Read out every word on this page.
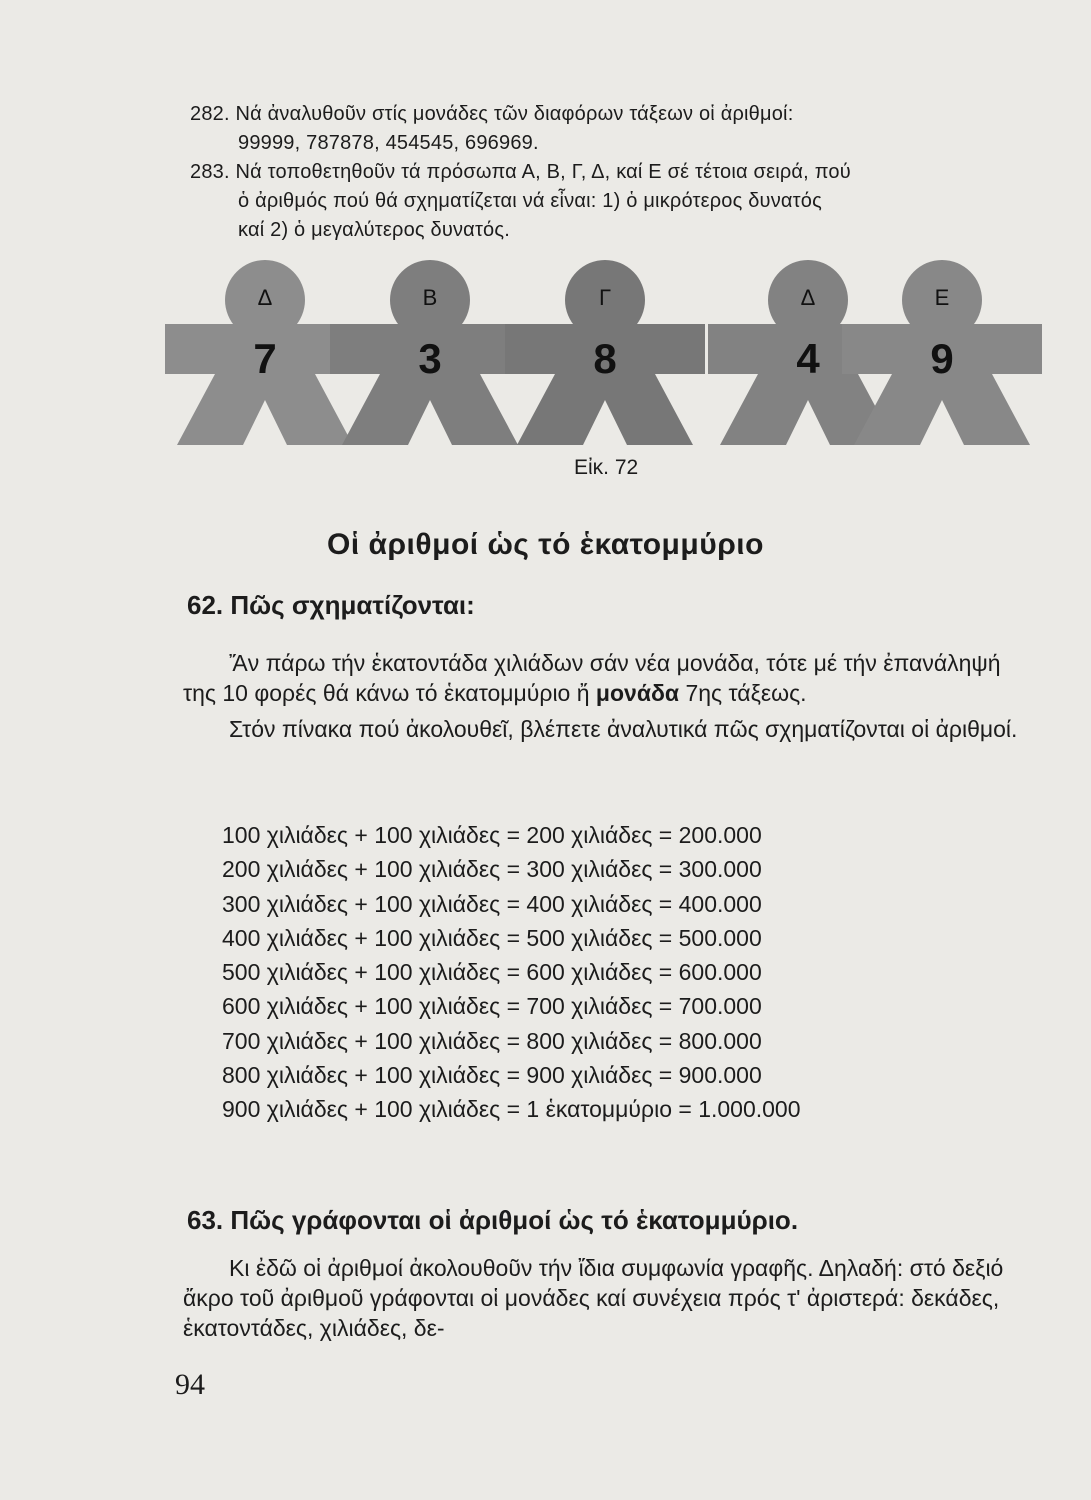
282. Νά ἀναλυθοῦν στίς μονάδες τῶν διαφόρων τάξεων οἱ ἀριθμοί:
99999, 787878, 454545, 696969.
283. Νά τοποθετηθοῦν τά πρόσωπα Α, Β, Γ, Δ, καί Ε σέ τέτοια σειρά, πού
ὁ ἀριθμός πού θά σχηματίζεται νά εἶναι: 1) ὁ μικρότερος δυνατός
καί 2) ὁ μεγαλύτερος δυνατός.
Δ
7
Β
3
Γ
8
Δ
4
Ε
9
Εἰκ. 72
Οἱ ἀριθμοί ὡς τό ἑκατομμύριο
62. Πῶς σχηματίζονται:

Ἄν πάρω τήν ἑκατοντάδα χιλιάδων σάν νέα μονάδα, τότε μέ τήν ἐπανάληψή της 10 φορές θά κάνω τό ἑκατομμύριο ἤ μονάδα 7ης τάξεως.

Στόν πίνακα πού ἀκολουθεῖ, βλέπετε ἀναλυτικά πῶς σχηματίζονται οἱ ἀριθμοί.

100 χιλιάδες + 100 χιλιάδες = 200 χιλιάδες = 200.000
200 χιλιάδες + 100 χιλιάδες = 300 χιλιάδες = 300.000
300 χιλιάδες + 100 χιλιάδες = 400 χιλιάδες = 400.000
400 χιλιάδες + 100 χιλιάδες = 500 χιλιάδες = 500.000
500 χιλιάδες + 100 χιλιάδες = 600 χιλιάδες = 600.000
600 χιλιάδες + 100 χιλιάδες = 700 χιλιάδες = 700.000
700 χιλιάδες + 100 χιλιάδες = 800 χιλιάδες = 800.000
800 χιλιάδες + 100 χιλιάδες = 900 χιλιάδες = 900.000
900 χιλιάδες + 100 χιλιάδες = 1 ἑκατομμύριο = 1.000.000
63. Πῶς γράφονται οἱ ἀριθμοί ὡς τό ἑκατομμύριο.

Κι ἐδῶ οἱ ἀριθμοί ἀκολουθοῦν τήν ἴδια συμφωνία γραφῆς. Δηλαδή: στό δεξιό ἄκρο τοῦ ἀριθμοῦ γράφονται οἱ μονάδες καί συνέχεια πρός τ' ἀριστερά: δεκάδες, ἑκατοντάδες, χιλιάδες, δε-

94
